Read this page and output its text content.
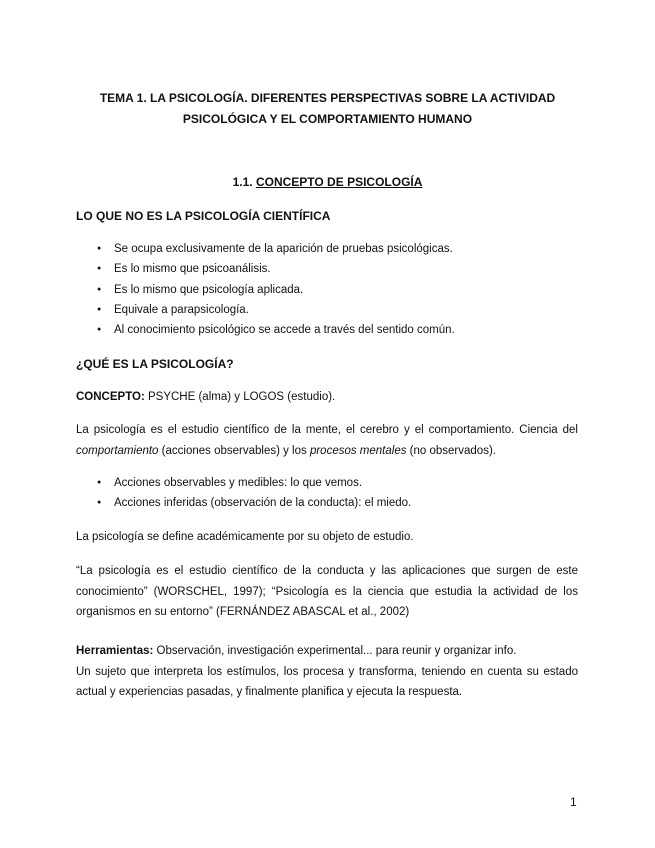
TEMA 1. LA PSICOLOGÍA. DIFERENTES PERSPECTIVAS SOBRE LA ACTIVIDAD PSICOLÓGICA Y EL COMPORTAMIENTO HUMANO
1.1. CONCEPTO DE PSICOLOGÍA
LO QUE NO ES LA PSICOLOGÍA CIENTÍFICA
● Se ocupa exclusivamente de la aparición de pruebas psicológicas.
● Es lo mismo que psicoanálisis.
● Es lo mismo que psicología aplicada.
● Equivale a parapsicología.
● Al conocimiento psicológico se accede a través del sentido común.
¿QUÉ ES LA PSICOLOGÍA?
CONCEPTO: PSYCHE (alma) y LOGOS (estudio).
La psicología es el estudio científico de la mente, el cerebro y el comportamiento. Ciencia del comportamiento (acciones observables) y los procesos mentales (no observados).
● Acciones observables y medibles: lo que vemos.
● Acciones inferidas (observación de la conducta): el miedo.
La psicología se define académicamente por su objeto de estudio.
“La psicología es el estudio científico de la conducta y las aplicaciones que surgen de este conocimiento” (WORSCHEL, 1997); “Psicología es la ciencia que estudia la actividad de los organismos en su entorno” (FERNÁNDEZ ABASCAL et al., 2002)
Herramientas: Observación, investigación experimental... para reunir y organizar info.
Un sujeto que interpreta los estímulos, los procesa y transforma, teniendo en cuenta su estado actual y experiencias pasadas, y finalmente planifica y ejecuta la respuesta.
1
